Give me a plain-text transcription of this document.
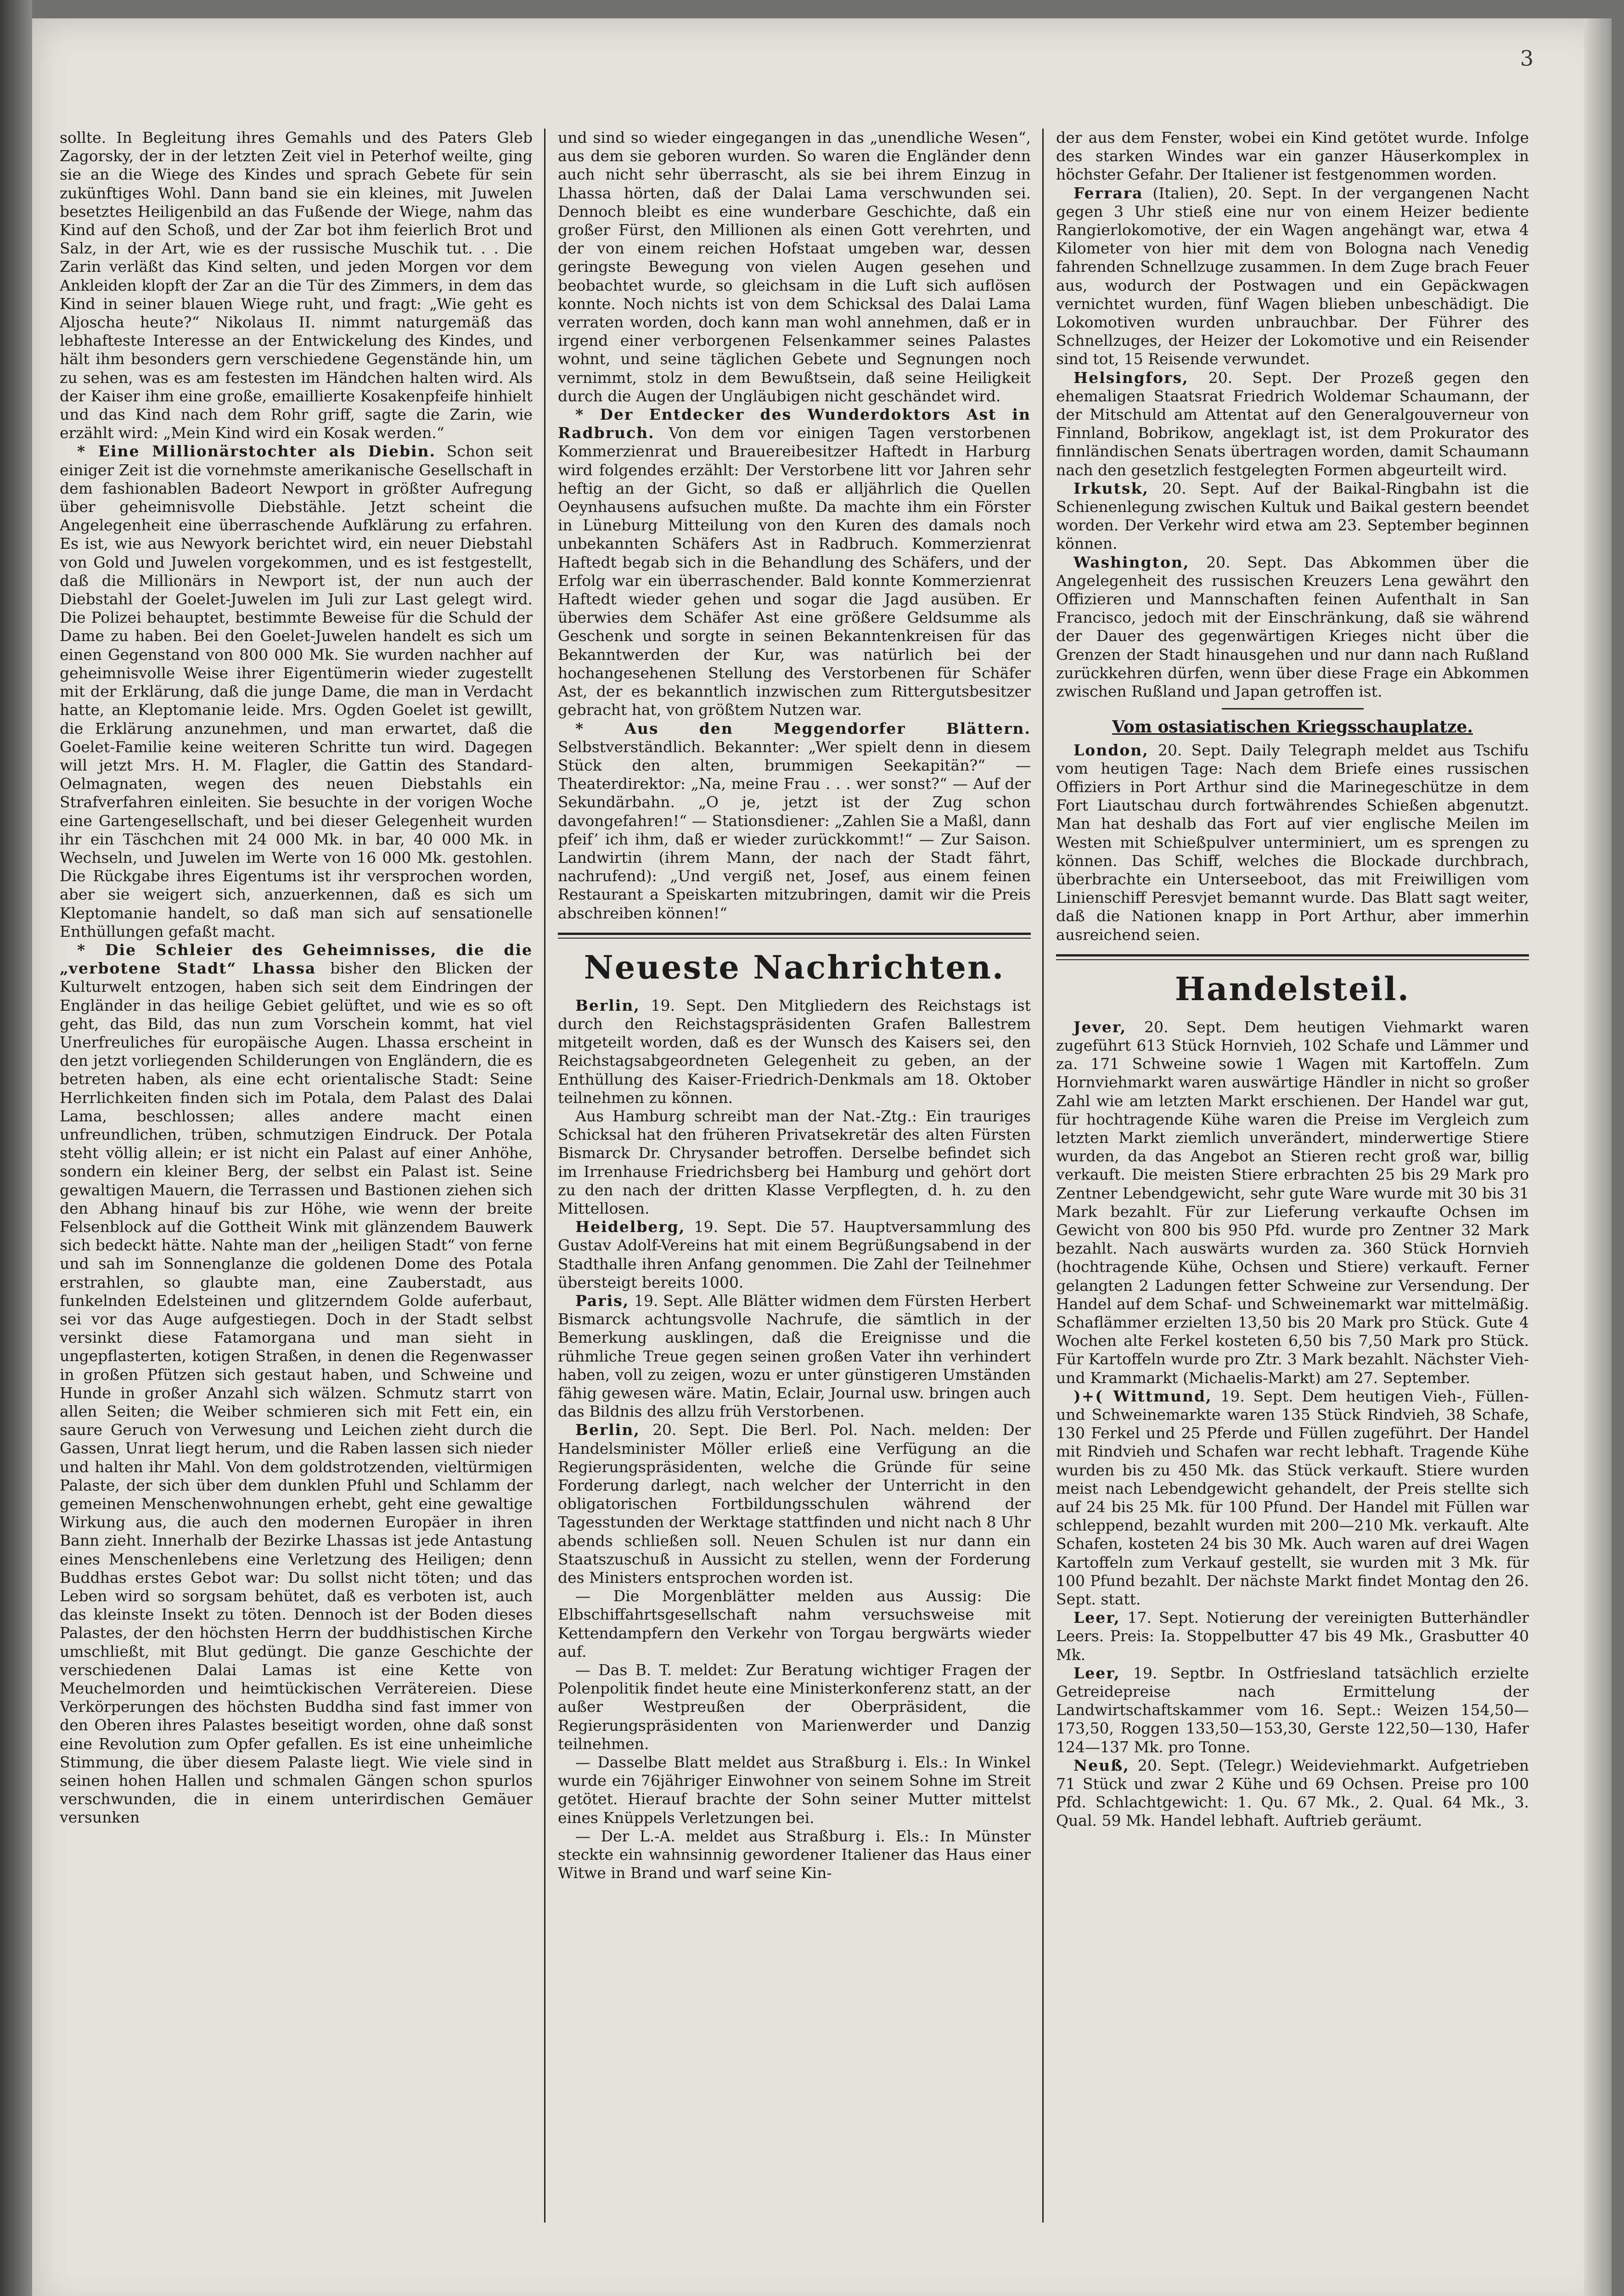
3

sollte. In Begleitung ihres Gemahls und des Paters Gleb Zagorsky, der in der letzten Zeit viel in Peterhof weilte, ging sie an die Wiege des Kindes und sprach Gebete für sein zukünftiges Wohl. Dann band sie ein kleines, mit Juwelen besetztes Heiligenbild an das Fußende der Wiege, nahm das Kind auf den Schoß, und der Zar bot ihm feierlich Brot und Salz, in der Art, wie es der russische Muschik tut. . . Die Zarin verläßt das Kind selten, und jeden Morgen vor dem Ankleiden klopft der Zar an die Tür des Zimmers, in dem das Kind in seiner blauen Wiege ruht, und fragt: „Wie geht es Aljoscha heute?“ Nikolaus II. nimmt naturgemäß das lebhafteste Interesse an der Entwickelung des Kindes, und hält ihm besonders gern verschiedene Gegenstände hin, um zu sehen, was es am festesten im Händchen halten wird. Als der Kaiser ihm eine große, emaillierte Kosakenpfeife hinhielt und das Kind nach dem Rohr griff, sagte die Zarin, wie erzählt wird: „Mein Kind wird ein Kosak werden.“

* Eine Millionärstochter als Diebin. Schon seit einiger Zeit ist die vornehmste amerikanische Gesellschaft in dem fashionablen Badeort Newport in größter Aufregung über geheimnisvolle Diebstähle. Jetzt scheint die Angelegenheit eine überraschende Aufklärung zu erfahren. Es ist, wie aus Newyork berichtet wird, ein neuer Diebstahl von Gold und Juwelen vorgekommen, und es ist festgestellt, daß die Millionärs in Newport ist, der nun auch der Diebstahl der Goelet-Juwelen im Juli zur Last gelegt wird. Die Polizei behauptet, bestimmte Beweise für die Schuld der Dame zu haben. Bei den Goelet-Juwelen handelt es sich um einen Gegenstand von 800 000 Mk. Sie wurden nachher auf geheimnisvolle Weise ihrer Eigentümerin wieder zugestellt mit der Erklärung, daß die junge Dame, die man in Verdacht hatte, an Kleptomanie leide. Mrs. Ogden Goelet ist gewillt, die Erklärung anzunehmen, und man erwartet, daß die Goelet-Familie keine weiteren Schritte tun wird. Dagegen will jetzt Mrs. H. M. Flagler, die Gattin des Standard-Oelmagnaten, wegen des neuen Diebstahls ein Strafverfahren einleiten. Sie besuchte in der vorigen Woche eine Gartengesellschaft, und bei dieser Gelegenheit wurden ihr ein Täschchen mit 24 000 Mk. in bar, 40 000 Mk. in Wechseln, und Juwelen im Werte von 16 000 Mk. gestohlen. Die Rückgabe ihres Eigentums ist ihr versprochen worden, aber sie weigert sich, anzuerkennen, daß es sich um Kleptomanie handelt, so daß man sich auf sensationelle Enthüllungen gefaßt macht.

* Die Schleier des Geheimnisses, die die „verbotene Stadt“ Lhassa bisher den Blicken der Kulturwelt entzogen, haben sich seit dem Eindringen der Engländer in das heilige Gebiet gelüftet, und wie es so oft geht, das Bild, das nun zum Vorschein kommt, hat viel Unerfreuliches für europäische Augen. Lhassa erscheint in den jetzt vorliegenden Schilderungen von Engländern, die es betreten haben, als eine echt orientalische Stadt: Seine Herrlichkeiten finden sich im Potala, dem Palast des Dalai Lama, beschlossen; alles andere macht einen unfreundlichen, trüben, schmutzigen Eindruck. Der Potala steht völlig allein; er ist nicht ein Palast auf einer Anhöhe, sondern ein kleiner Berg, der selbst ein Palast ist. Seine gewaltigen Mauern, die Terrassen und Bastionen ziehen sich den Abhang hinauf bis zur Höhe, wie wenn der breite Felsenblock auf die Gottheit Wink mit glänzendem Bauwerk sich bedeckt hätte. Nahte man der „heiligen Stadt“ von ferne und sah im Sonnenglanze die goldenen Dome des Potala erstrahlen, so glaubte man, eine Zauberstadt, aus funkelnden Edelsteinen und glitzerndem Golde auferbaut, sei vor das Auge aufgestiegen. Doch in der Stadt selbst versinkt diese Fatamorgana und man sieht in ungepflasterten, kotigen Straßen, in denen die Regenwasser in großen Pfützen sich gestaut haben, und Schweine und Hunde in großer Anzahl sich wälzen. Schmutz starrt von allen Seiten; die Weiber schmieren sich mit Fett ein, ein saure Geruch von Verwesung und Leichen zieht durch die Gassen, Unrat liegt herum, und die Raben lassen sich nieder und halten ihr Mahl. Von dem goldstrotzenden, vieltürmigen Palaste, der sich über dem dunklen Pfuhl und Schlamm der gemeinen Menschenwohnungen erhebt, geht eine gewaltige Wirkung aus, die auch den modernen Europäer in ihren Bann zieht. Innerhalb der Bezirke Lhassas ist jede Antastung eines Menschenlebens eine Verletzung des Heiligen; denn Buddhas erstes Gebot war: Du sollst nicht töten; und das Leben wird so sorgsam behütet, daß es verboten ist, auch das kleinste Insekt zu töten. Dennoch ist der Boden dieses Palastes, der den höchsten Herrn der buddhistischen Kirche umschließt, mit Blut gedüngt. Die ganze Geschichte der verschiedenen Dalai Lamas ist eine Kette von Meuchelmorden und heimtückischen Verrätereien. Diese Verkörperungen des höchsten Buddha sind fast immer von den Oberen ihres Palastes beseitigt worden, ohne daß sonst eine Revolution zum Opfer gefallen. Es ist eine unheimliche Stimmung, die über diesem Palaste liegt. Wie viele sind in seinen hohen Hallen und schmalen Gängen schon spurlos verschwunden, die in einem unterirdischen Gemäuer versunken

und sind so wieder eingegangen in das „unendliche Wesen“, aus dem sie geboren wurden. So waren die Engländer denn auch nicht sehr überrascht, als sie bei ihrem Einzug in Lhassa hörten, daß der Dalai Lama verschwunden sei. Dennoch bleibt es eine wunderbare Geschichte, daß ein großer Fürst, den Millionen als einen Gott verehrten, und der von einem reichen Hofstaat umgeben war, dessen geringste Bewegung von vielen Augen gesehen und beobachtet wurde, so gleichsam in die Luft sich auflösen konnte. Noch nichts ist von dem Schicksal des Dalai Lama verraten worden, doch kann man wohl annehmen, daß er in irgend einer verborgenen Felsenkammer seines Palastes wohnt, und seine täglichen Gebete und Segnungen noch vernimmt, stolz in dem Bewußtsein, daß seine Heiligkeit durch die Augen der Ungläubigen nicht geschändet wird.

* Der Entdecker des Wunderdoktors Ast in Radbruch. Von dem vor einigen Tagen verstorbenen Kommerzienrat und Brauereibesitzer Haftedt in Harburg wird folgendes erzählt: Der Verstorbene litt vor Jahren sehr heftig an der Gicht, so daß er alljährlich die Quellen Oeynhausens aufsuchen mußte. Da machte ihm ein Förster in Lüneburg Mitteilung von den Kuren des damals noch unbekannten Schäfers Ast in Radbruch. Kommerzienrat Haftedt begab sich in die Behandlung des Schäfers, und der Erfolg war ein überraschender. Bald konnte Kommerzienrat Haftedt wieder gehen und sogar die Jagd ausüben. Er überwies dem Schäfer Ast eine größere Geldsumme als Geschenk und sorgte in seinen Bekanntenkreisen für das Bekanntwerden der Kur, was natürlich bei der hochangesehenen Stellung des Verstorbenen für Schäfer Ast, der es bekanntlich inzwischen zum Rittergutsbesitzer gebracht hat, von größtem Nutzen war.

* Aus den Meggendorfer Blättern. Selbstverständlich. Bekannter: „Wer spielt denn in diesem Stück den alten, brummigen Seekapitän?“ — Theaterdirektor: „Na, meine Frau . . . wer sonst?“ — Auf der Sekundärbahn. „O je, jetzt ist der Zug schon davongefahren!“ — Stationsdiener: „Zahlen Sie a Maßl, dann pfeif’ ich ihm, daß er wieder zurückkommt!“ — Zur Saison. Landwirtin (ihrem Mann, der nach der Stadt fährt, nachrufend): „Und vergiß net, Josef, aus einem feinen Restaurant a Speiskarten mitzubringen, damit wir die Preis abschreiben können!“

Neueste Nachrichten.

Berlin, 19. Sept. Den Mitgliedern des Reichstags ist durch den Reichstagspräsidenten Grafen Ballestrem mitgeteilt worden, daß es der Wunsch des Kaisers sei, den Reichstagsabgeordneten Gelegenheit zu geben, an der Enthüllung des Kaiser-Friedrich-Denkmals am 18. Oktober teilnehmen zu können.

Aus Hamburg schreibt man der Nat.-Ztg.: Ein trauriges Schicksal hat den früheren Privatsekretär des alten Fürsten Bismarck Dr. Chrysander betroffen. Derselbe befindet sich im Irrenhause Friedrichsberg bei Hamburg und gehört dort zu den nach der dritten Klasse Verpflegten, d. h. zu den Mittellosen.

Heidelberg, 19. Sept. Die 57. Hauptversammlung des Gustav Adolf-Vereins hat mit einem Begrüßungsabend in der Stadthalle ihren Anfang genommen. Die Zahl der Teilnehmer übersteigt bereits 1000.

Paris, 19. Sept. Alle Blätter widmen dem Fürsten Herbert Bismarck achtungsvolle Nachrufe, die sämtlich in der Bemerkung ausklingen, daß die Ereignisse und die rühmliche Treue gegen seinen großen Vater ihn verhindert haben, voll zu zeigen, wozu er unter günstigeren Umständen fähig gewesen wäre. Matin, Eclair, Journal usw. bringen auch das Bildnis des allzu früh Verstorbenen.

Berlin, 20. Sept. Die Berl. Pol. Nach. melden: Der Handelsminister Möller erließ eine Verfügung an die Regierungspräsidenten, welche die Gründe für seine Forderung darlegt, nach welcher der Unterricht in den obligatorischen Fortbildungsschulen während der Tagesstunden der Werktage stattfinden und nicht nach 8 Uhr abends schließen soll. Neuen Schulen ist nur dann ein Staatszuschuß in Aussicht zu stellen, wenn der Forderung des Ministers entsprochen worden ist.

— Die Morgenblätter melden aus Aussig: Die Elbschiffahrtsgesellschaft nahm versuchsweise mit Kettendampfern den Verkehr von Torgau bergwärts wieder auf.

— Das B. T. meldet: Zur Beratung wichtiger Fragen der Polenpolitik findet heute eine Ministerkonferenz statt, an der außer Westpreußen der Oberpräsident, die Regierungspräsidenten von Marienwerder und Danzig teilnehmen.

— Dasselbe Blatt meldet aus Straßburg i. Els.: In Winkel wurde ein 76jähriger Einwohner von seinem Sohne im Streit getötet. Hierauf brachte der Sohn seiner Mutter mittelst eines Knüppels Verletzungen bei.

— Der L.-A. meldet aus Straßburg i. Els.: In Münster steckte ein wahnsinnig gewordener Italiener das Haus einer Witwe in Brand und warf seine Kin-

der aus dem Fenster, wobei ein Kind getötet wurde. Infolge des starken Windes war ein ganzer Häuserkomplex in höchster Gefahr. Der Italiener ist festgenommen worden.

Ferrara (Italien), 20. Sept. In der vergangenen Nacht gegen 3 Uhr stieß eine nur von einem Heizer bediente Rangierlokomotive, der ein Wagen angehängt war, etwa 4 Kilometer von hier mit dem von Bologna nach Venedig fahrenden Schnellzuge zusammen. In dem Zuge brach Feuer aus, wodurch der Postwagen und ein Gepäckwagen vernichtet wurden, fünf Wagen blieben unbeschädigt. Die Lokomotiven wurden unbrauchbar. Der Führer des Schnellzuges, der Heizer der Lokomotive und ein Reisender sind tot, 15 Reisende verwundet.

Helsingfors, 20. Sept. Der Prozeß gegen den ehemaligen Staatsrat Friedrich Woldemar Schaumann, der der Mitschuld am Attentat auf den Generalgouverneur von Finnland, Bobrikow, angeklagt ist, ist dem Prokurator des finnländischen Senats übertragen worden, damit Schaumann nach den gesetzlich festgelegten Formen abgeurteilt wird.

Irkutsk, 20. Sept. Auf der Baikal-Ringbahn ist die Schienenlegung zwischen Kultuk und Baikal gestern beendet worden. Der Verkehr wird etwa am 23. September beginnen können.

Washington, 20. Sept. Das Abkommen über die Angelegenheit des russischen Kreuzers Lena gewährt den Offizieren und Mannschaften feinen Aufenthalt in San Francisco, jedoch mit der Einschränkung, daß sie während der Dauer des gegenwärtigen Krieges nicht über die Grenzen der Stadt hinausgehen und nur dann nach Rußland zurückkehren dürfen, wenn über diese Frage ein Abkommen zwischen Rußland und Japan getroffen ist.

Vom ostasiatischen Kriegsschauplatze.

London, 20. Sept. Daily Telegraph meldet aus Tschifu vom heutigen Tage: Nach dem Briefe eines russischen Offiziers in Port Arthur sind die Marinegeschütze in dem Fort Liautschau durch fortwährendes Schießen abgenutzt. Man hat deshalb das Fort auf vier englische Meilen im Westen mit Schießpulver unterminiert, um es sprengen zu können. Das Schiff, welches die Blockade durchbrach, überbrachte ein Unterseeboot, das mit Freiwilligen vom Linienschiff Peresvjet bemannt wurde. Das Blatt sagt weiter, daß die Nationen knapp in Port Arthur, aber immerhin ausreichend seien.

Handelsteil.

Jever, 20. Sept. Dem heutigen Viehmarkt waren zugeführt 613 Stück Hornvieh, 102 Schafe und Lämmer und za. 171 Schweine sowie 1 Wagen mit Kartoffeln. Zum Hornviehmarkt waren auswärtige Händler in nicht so großer Zahl wie am letzten Markt erschienen. Der Handel war gut, für hochtragende Kühe waren die Preise im Vergleich zum letzten Markt ziemlich unverändert, minderwertige Stiere wurden, da das Angebot an Stieren recht groß war, billig verkauft. Die meisten Stiere erbrachten 25 bis 29 Mark pro Zentner Lebendgewicht, sehr gute Ware wurde mit 30 bis 31 Mark bezahlt. Für zur Lieferung verkaufte Ochsen im Gewicht von 800 bis 950 Pfd. wurde pro Zentner 32 Mark bezahlt. Nach auswärts wurden za. 360 Stück Hornvieh (hochtragende Kühe, Ochsen und Stiere) verkauft. Ferner gelangten 2 Ladungen fetter Schweine zur Versendung. Der Handel auf dem Schaf- und Schweinemarkt war mittelmäßig. Schaflämmer erzielten 13,50 bis 20 Mark pro Stück. Gute 4 Wochen alte Ferkel kosteten 6,50 bis 7,50 Mark pro Stück. Für Kartoffeln wurde pro Ztr. 3 Mark bezahlt. Nächster Vieh- und Krammarkt (Michaelis-Markt) am 27. September.

)+( Wittmund, 19. Sept. Dem heutigen Vieh-, Füllen- und Schweinemarkte waren 135 Stück Rindvieh, 38 Schafe, 130 Ferkel und 25 Pferde und Füllen zugeführt. Der Handel mit Rindvieh und Schafen war recht lebhaft. Tragende Kühe wurden bis zu 450 Mk. das Stück verkauft. Stiere wurden meist nach Lebendgewicht gehandelt, der Preis stellte sich auf 24 bis 25 Mk. für 100 Pfund. Der Handel mit Füllen war schleppend, bezahlt wurden mit 200—210 Mk. verkauft. Alte Schafen, kosteten 24 bis 30 Mk. Auch waren auf drei Wagen Kartoffeln zum Verkauf gestellt, sie wurden mit 3 Mk. für 100 Pfund bezahlt. Der nächste Markt findet Montag den 26. Sept. statt.

Leer, 17. Sept. Notierung der vereinigten Butterhändler Leers. Preis: Ia. Stoppelbutter 47 bis 49 Mk., Grasbutter 40 Mk.

Leer, 19. Septbr. In Ostfriesland tatsächlich erzielte Getreidepreise nach Ermittelung der Landwirtschaftskammer vom 16. Sept.: Weizen 154,50—173,50, Roggen 133,50—153,30, Gerste 122,50—130, Hafer 124—137 Mk. pro Tonne.

Neuß, 20. Sept. (Telegr.) Weideviehmarkt. Aufgetrieben 71 Stück und zwar 2 Kühe und 69 Ochsen. Preise pro 100 Pfd. Schlachtgewicht: 1. Qu. 67 Mk., 2. Qual. 64 Mk., 3. Qual. 59 Mk. Handel lebhaft. Auftrieb geräumt.
